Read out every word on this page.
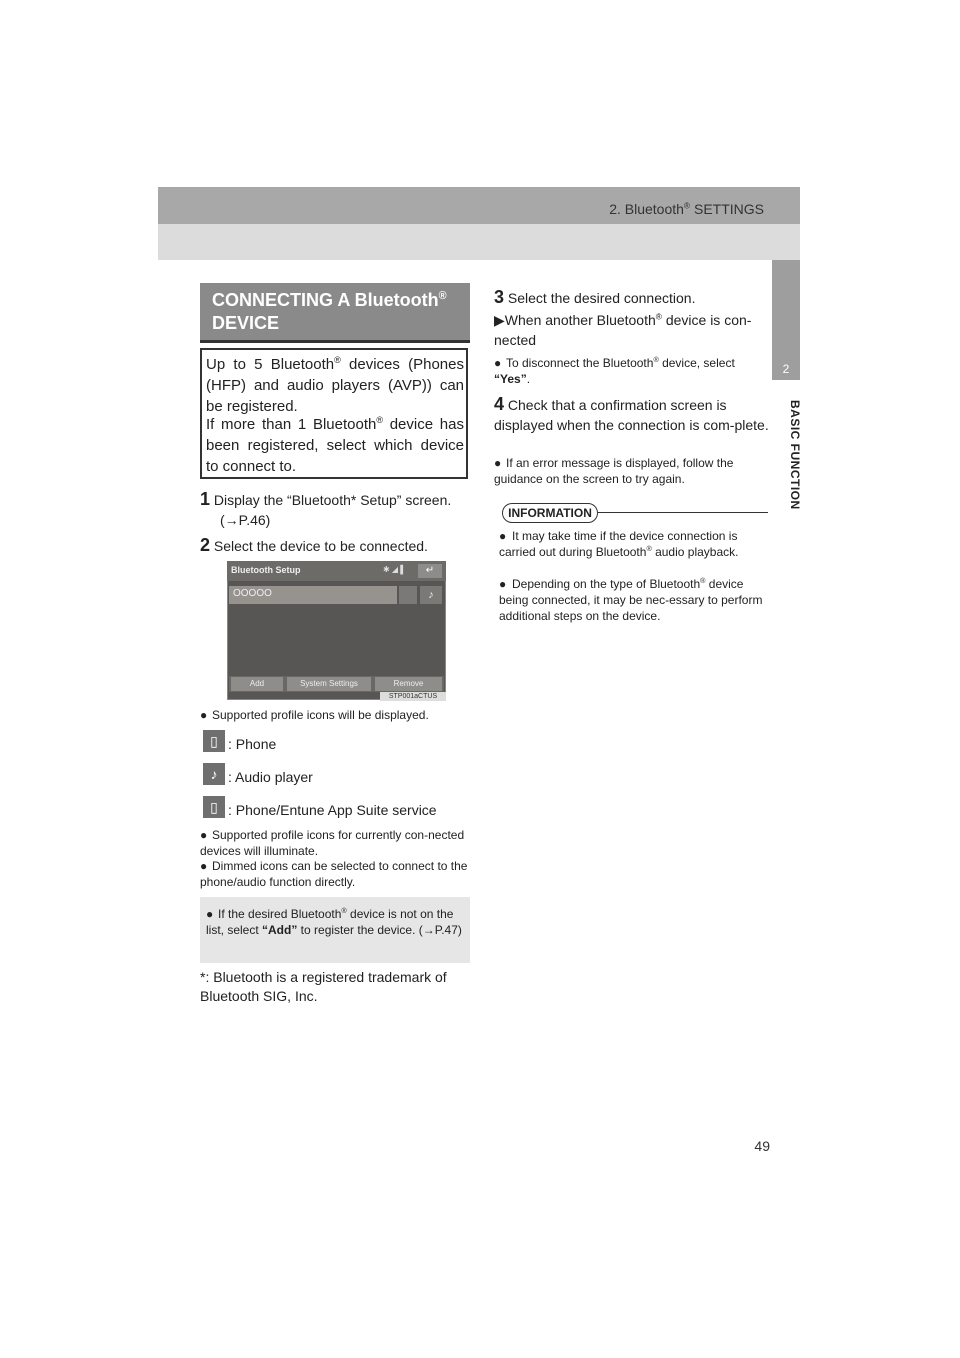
2. Bluetooth® SETTINGS
2
BASIC FUNCTION
CONNECTING A Bluetooth®
DEVICE
Up to 5 Bluetooth® devices (Phones (HFP) and audio players (AVP)) can be registered.
If more than 1 Bluetooth® device has been registered, select which device to connect to.
1 Display the “Bluetooth* Setup” screen.
(→P.46)
2 Select the device to be connected.
Bluetooth Setup	✱ ◢ ▌	↵
OOOOO	♪
Add	System Settings	Remove
STP001aCTUS
● Supported profile icons will be displayed.
▯ : Phone
♪ : Audio player
▯ : Phone/Entune App Suite service
● Supported profile icons for currently con-nected devices will illuminate.
● Dimmed icons can be selected to connect to the phone/audio function directly.
● If the desired Bluetooth® device is not on the list, select “Add” to register the device. (→P.47)
*: Bluetooth is a registered trademark of Bluetooth SIG, Inc.
3 Select the desired connection.
▶When another Bluetooth® device is con-nected
● To disconnect the Bluetooth® device, select “Yes”.
4 Check that a confirmation screen is displayed when the connection is com-plete.
● If an error message is displayed, follow the guidance on the screen to try again.
INFORMATION
● It may take time if the device connection is carried out during Bluetooth® audio playback.
● Depending on the type of Bluetooth® device being connected, it may be nec-essary to perform additional steps on the device.
49
